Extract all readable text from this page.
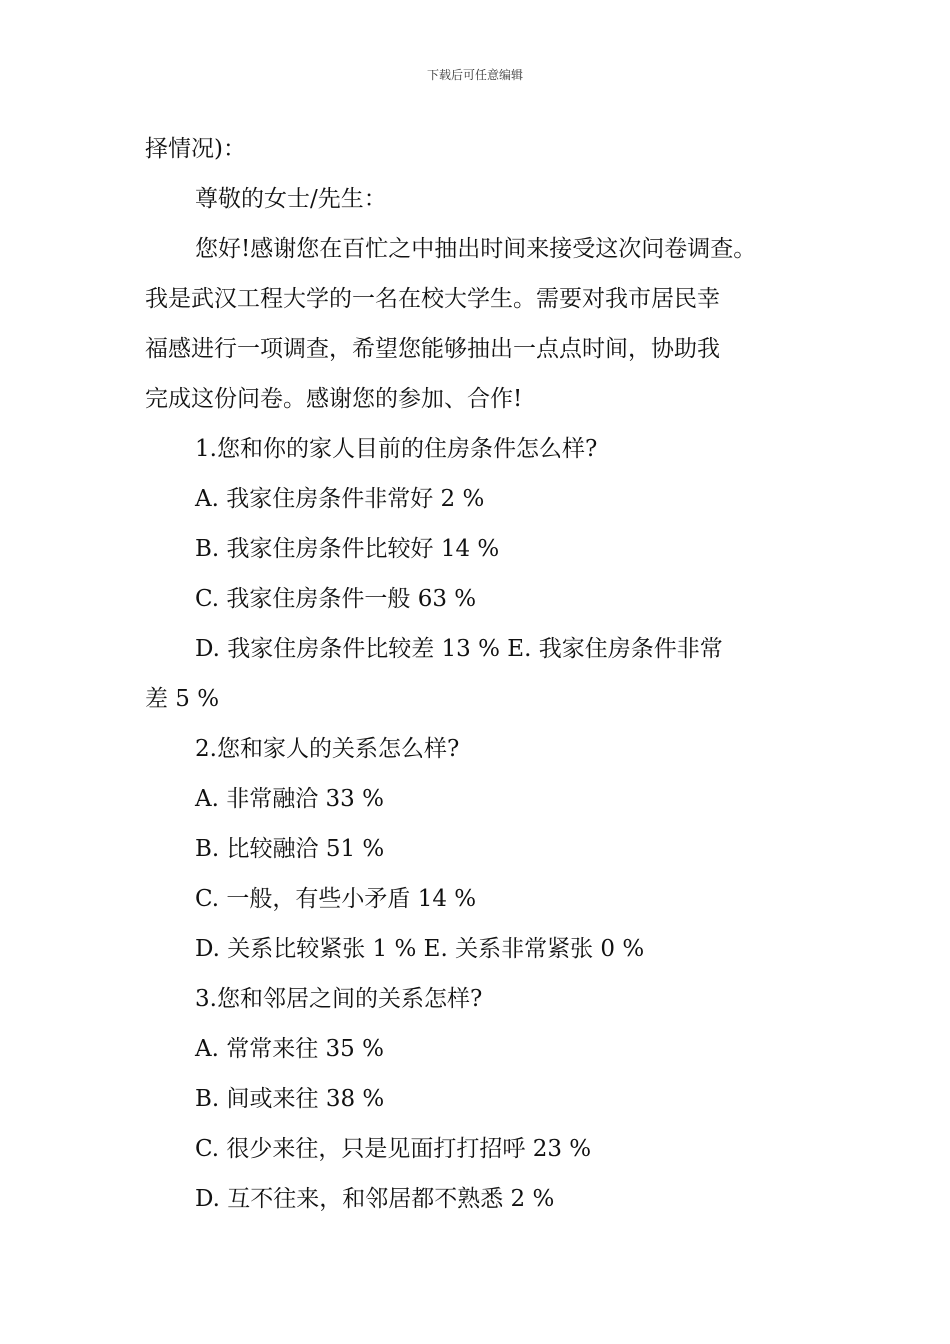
下载后可任意编辑
择情况)：
尊敬的女士/先生：
您好!感谢您在百忙之中抽出时间来接受这次问卷调查。
我是武汉工程大学的一名在校大学生。需要对我市居民幸
福感进行一项调查，希望您能够抽出一点点时间，协助我
完成这份问卷。感谢您的参加、合作!
1.您和你的家人目前的住房条件怎么样?
A. 我家住房条件非常好 2 %
B. 我家住房条件比较好 14 %
C. 我家住房条件一般 63 %
D. 我家住房条件比较差 13 % E. 我家住房条件非常
差 5 %
2.您和家人的关系怎么样?
A. 非常融洽 33 %
B. 比较融洽 51 %
C. 一般，有些小矛盾 14 %
D. 关系比较紧张 1 % E. 关系非常紧张 0 %
3.您和邻居之间的关系怎样?
A. 常常来往 35 %
B. 间或来往 38 %
C. 很少来往，只是见面打打招呼 23 %
D. 互不往来，和邻居都不熟悉 2 %
